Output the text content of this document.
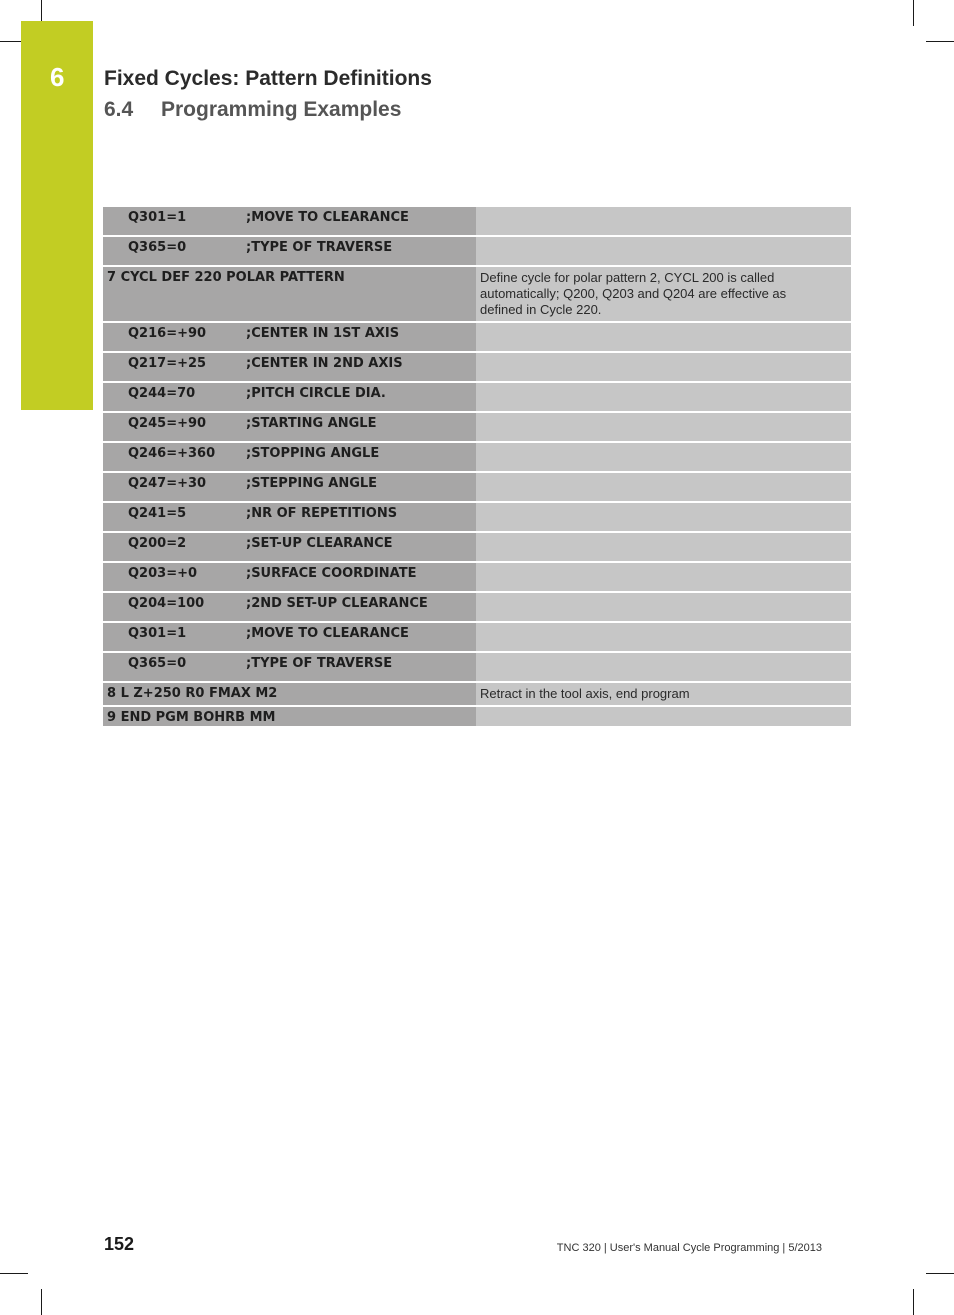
6	Fixed Cycles: Pattern Definitions
6.4 Programming Examples
Q301=1 ;MOVE TO CLEARANCE	
Q365=0 ;TYPE OF TRAVERSE	
7 CYCL DEF 220 POLAR PATTERN	Define cycle for polar pattern 2, CYCL 200 is called automatically; Q200, Q203 and Q204 are effective as defined in Cycle 220.
Q216=+90 ;CENTER IN 1ST AXIS	
Q217=+25 ;CENTER IN 2ND AXIS	
Q244=70 ;PITCH CIRCLE DIA.	
Q245=+90 ;STARTING ANGLE	
Q246=+360 ;STOPPING ANGLE	
Q247=+30 ;STEPPING ANGLE	
Q241=5 ;NR OF REPETITIONS	
Q200=2 ;SET-UP CLEARANCE	
Q203=+0 ;SURFACE COORDINATE	
Q204=100 ;2ND SET-UP CLEARANCE	
Q301=1 ;MOVE TO CLEARANCE	
Q365=0 ;TYPE OF TRAVERSE	
8 L Z+250 R0 FMAX M2	Retract in the tool axis, end program
9 END PGM BOHRB MM	
152	TNC 320 | User's Manual Cycle Programming | 5/2013
